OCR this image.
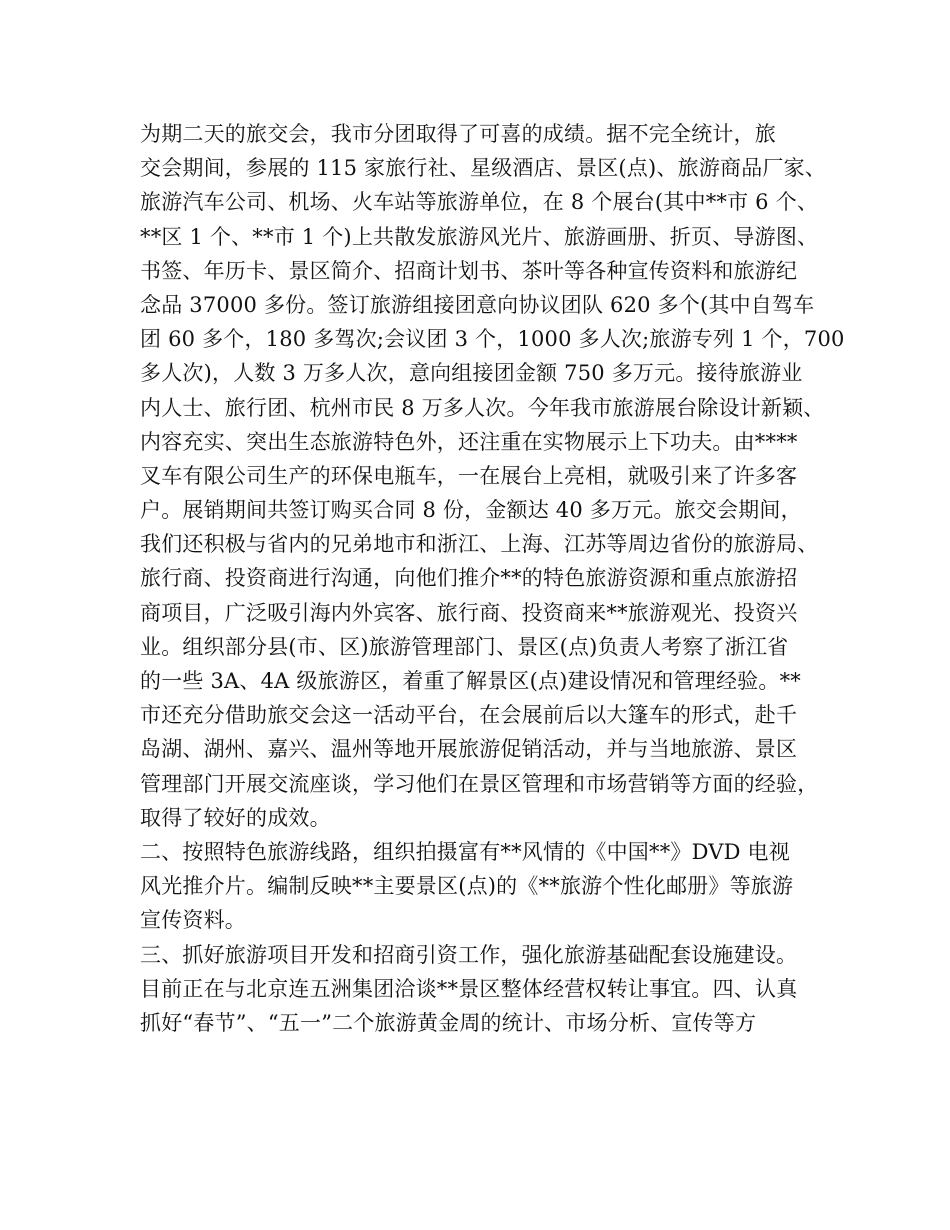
为期二天的旅交会，我市分团取得了可喜的成绩。据不完全统计，旅
交会期间，参展的 115 家旅行社、星级酒店、景区(点)、旅游商品厂家、
旅游汽车公司、机场、火车站等旅游单位，在 8 个展台(其中**市 6 个、
**区 1 个、**市 1 个)上共散发旅游风光片、旅游画册、折页、导游图、
书签、年历卡、景区简介、招商计划书、茶叶等各种宣传资料和旅游纪
念品 37000 多份。签订旅游组接团意向协议团队 620 多个(其中自驾车
团 60 多个，180 多驾次;会议团 3 个，1000 多人次;旅游专列 1 个，700
多人次)，人数 3 万多人次，意向组接团金额 750 多万元。接待旅游业
内人士、旅行团、杭州市民 8 万多人次。今年我市旅游展台除设计新颖、
内容充实、突出生态旅游特色外，还注重在实物展示上下功夫。由****
叉车有限公司生产的环保电瓶车，一在展台上亮相，就吸引来了许多客
户。展销期间共签订购买合同 8 份，金额达 40 多万元。旅交会期间，
我们还积极与省内的兄弟地市和浙江、上海、江苏等周边省份的旅游局、
旅行商、投资商进行沟通，向他们推介**的特色旅游资源和重点旅游招
商项目，广泛吸引海内外宾客、旅行商、投资商来**旅游观光、投资兴
业。组织部分县(市、区)旅游管理部门、景区(点)负责人考察了浙江省
的一些 3A、4A 级旅游区，着重了解景区(点)建设情况和管理经验。**
市还充分借助旅交会这一活动平台，在会展前后以大篷车的形式，赴千
岛湖、湖州、嘉兴、温州等地开展旅游促销活动，并与当地旅游、景区
管理部门开展交流座谈，学习他们在景区管理和市场营销等方面的经验，
取得了较好的成效。
二、按照特色旅游线路，组织拍摄富有**风情的《中国**》DVD 电视
风光推介片。编制反映**主要景区(点)的《**旅游个性化邮册》等旅游
宣传资料。
三、抓好旅游项目开发和招商引资工作，强化旅游基础配套设施建设。
目前正在与北京连五洲集团洽谈**景区整体经营权转让事宜。四、认真
抓好“春节”、“五一”二个旅游黄金周的统计、市场分析、宣传等方
